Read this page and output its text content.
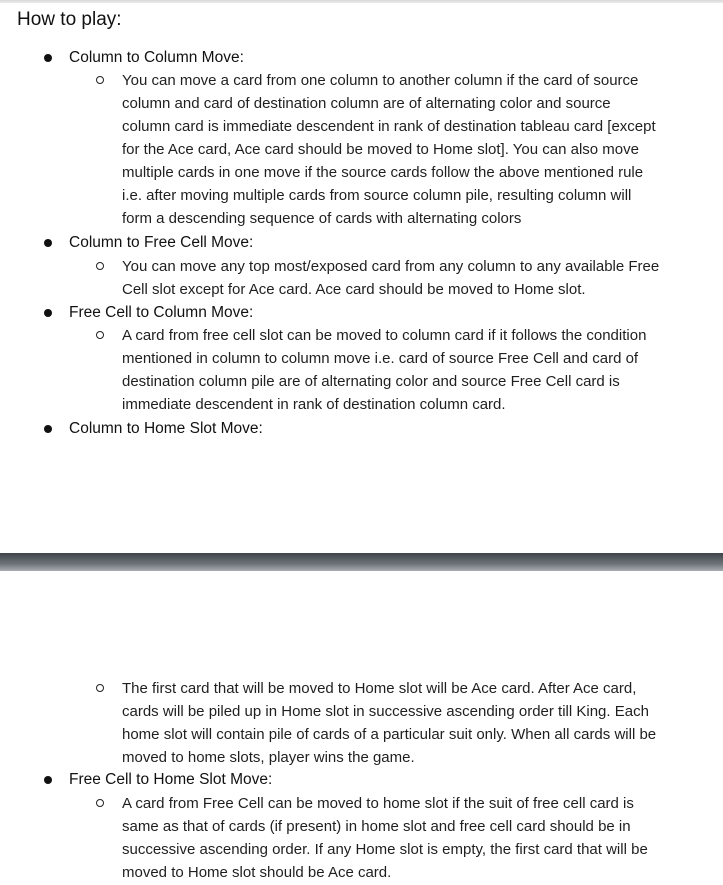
How to play:
Column to Column Move:
You can move a card from one column to another column if the card of source
column and card of destination column are of alternating color and source
column card is immediate descendent in rank of destination tableau card [except
for the Ace card, Ace card should be moved to Home slot]. You can also move
multiple cards in one move if the source cards follow the above mentioned rule
i.e. after moving multiple cards from source column pile, resulting column will
form a descending sequence of cards with alternating colors
Column to Free Cell Move:
You can move any top most/exposed card from any column to any available Free
Cell slot except for Ace card. Ace card should be moved to Home slot.
Free Cell to Column Move:
A card from free cell slot can be moved to column card if it follows the condition
mentioned in column to column move i.e. card of source Free Cell and card of
destination column pile are of alternating color and source Free Cell card is
immediate descendent in rank of destination column card.
Column to Home Slot Move:
The first card that will be moved to Home slot will be Ace card. After Ace card,
cards will be piled up in Home slot in successive ascending order till King. Each
home slot will contain pile of cards of a particular suit only. When all cards will be
moved to home slots, player wins the game.
Free Cell to Home Slot Move:
A card from Free Cell can be moved to home slot if the suit of free cell card is
same as that of cards (if present) in home slot and free cell card should be in
successive ascending order. If any Home slot is empty, the first card that will be
moved to Home slot should be Ace card.
